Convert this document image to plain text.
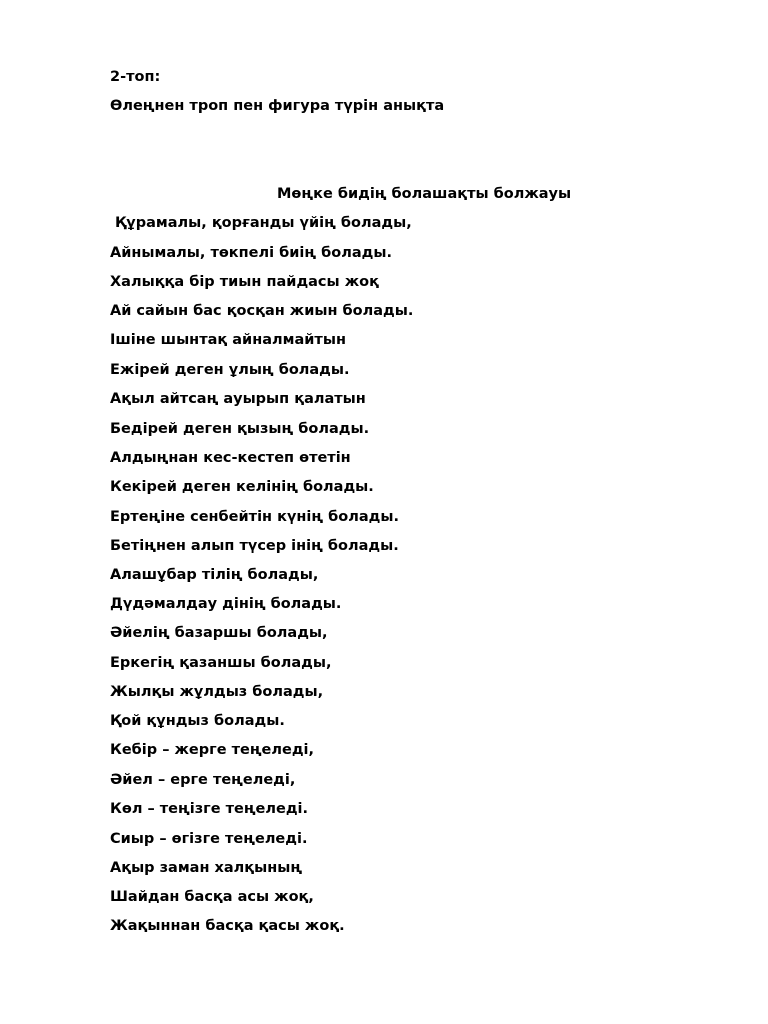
2-топ:
Өлеңнен троп пен фигура түрін анықта
Мөңке бидің болашақты болжауы
Құрамалы, қорғанды үйің болады,
Айнымалы, төкпелі биің болады.
Халыққа бір тиын пайдасы жоқ
Ай сайын бас қосқан жиын болады.
Ішіне шынтақ айналмайтын
Ежірей деген ұлың болады.
Ақыл айтсаң ауырып қалатын
Бедірей деген қызың болады.
Алдыңнан кес-кестеп өтетін
Кекірей деген келінің болады.
Ертеңіне сенбейтін күнің болады.
Бетіңнен алып түсер інің болады.
Алашұбар тілің болады,
Дүдәмалдау дінің болады.
Әйелің базаршы болады,
Еркегің қазаншы болады,
Жылқы жұлдыз болады,
Қой құндыз болады.
Кебір – жерге теңеледі,
Әйел – ерге теңеледі,
Көл – теңізге теңеледі.
Сиыр – өгізге теңеледі.
Ақыр заман халқының
Шайдан басқа асы жоқ,
Жақыннан басқа қасы жоқ.
